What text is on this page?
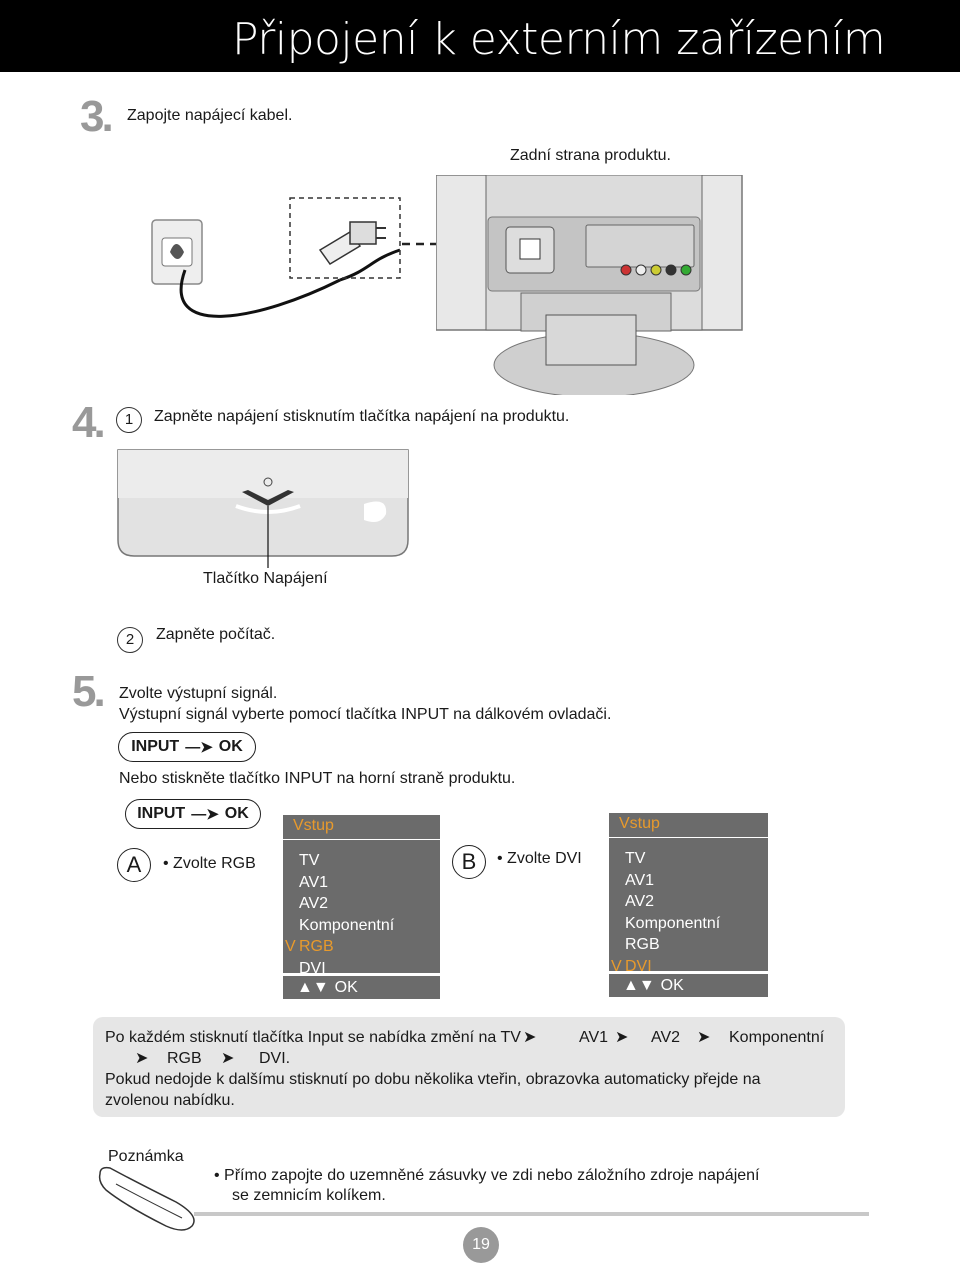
Připojení k externím zařízením
3. Zapojte napájecí kabel.
Zadní strana produktu.
4.	1	Zapněte napájení stisknutím tlačítka napájení na produktu.
Tlačítko Napájení
2	Zapněte počítač.
5. Zvolte výstupní signál.
Výstupní signál vyberte pomocí tlačítka INPUT na dálkovém ovladači.
INPUT —➤ OK
Nebo stiskněte tlačítko INPUT na horní straně produktu.
INPUT —➤ OK
A	• Zvolte RGB
Vstup
TV
AV1
AV2
Komponentní
V RGB
DVI
▲▼ OK
B	• Zvolte DVI
Vstup
TV
AV1
AV2
Komponentní
RGB
V DVI
▲▼ OK
Po každém stisknutí tlačítka Input se nabídka změní na TV ➤	AV1 ➤ AV2 ➤ Komponentní
➤ RGB ➤ DVI.
Pokud nedojde k dalšímu stisknutí po dobu několika vteřin, obrazovka automaticky přejde na
zvolenou nabídku.
Poznámka
• Přímo zapojte do uzemněné zásuvky ve zdi nebo záložního zdroje napájení
se zemnicím kolíkem.
19
